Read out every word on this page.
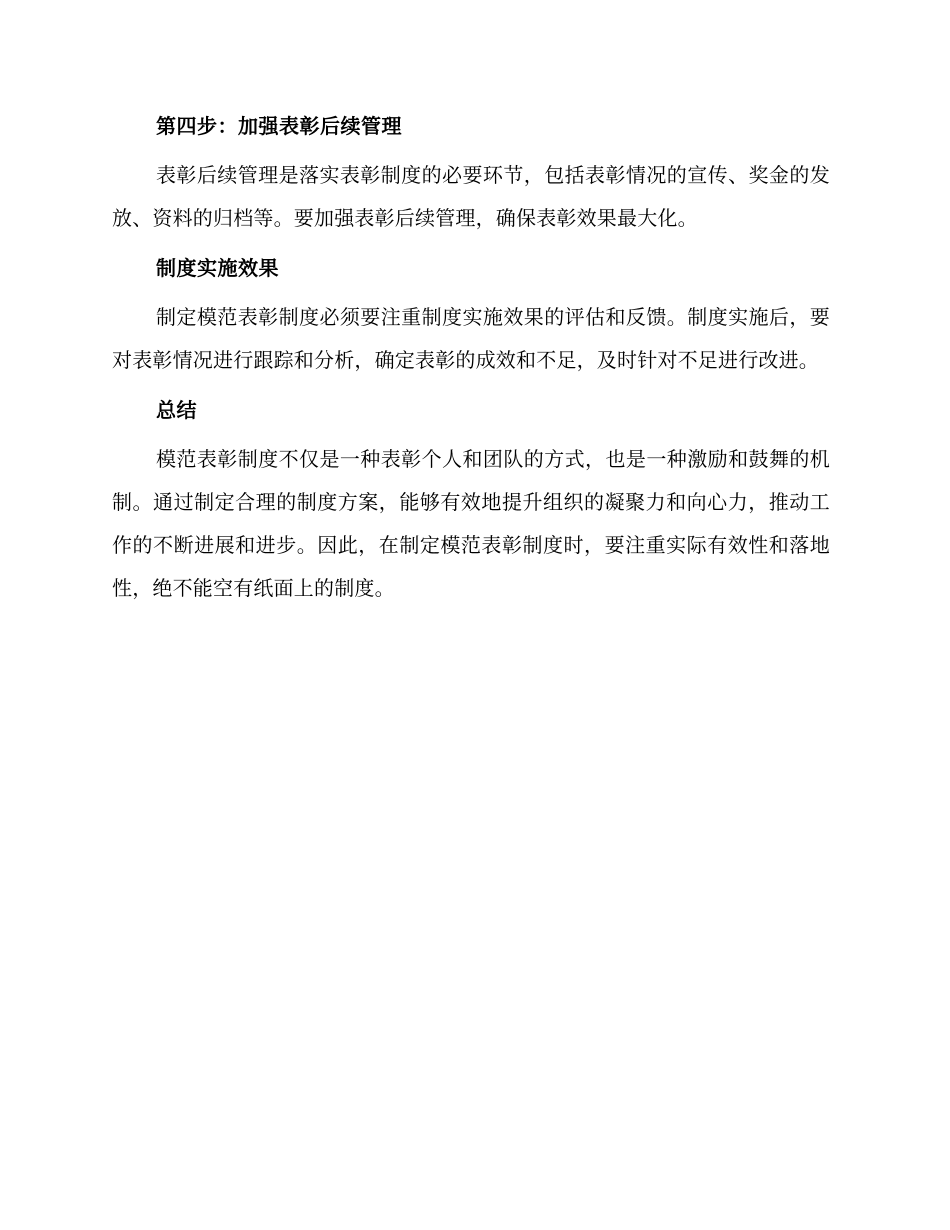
第四步：加强表彰后续管理

表彰后续管理是落实表彰制度的必要环节，包括表彰情况的宣传、奖金的发放、资料的归档等。要加强表彰后续管理，确保表彰效果最大化。

制度实施效果

制定模范表彰制度必须要注重制度实施效果的评估和反馈。制度实施后，要对表彰情况进行跟踪和分析，确定表彰的成效和不足，及时针对不足进行改进。

总结

模范表彰制度不仅是一种表彰个人和团队的方式，也是一种激励和鼓舞的机制。通过制定合理的制度方案，能够有效地提升组织的凝聚力和向心力，推动工作的不断进展和进步。因此，在制定模范表彰制度时，要注重实际有效性和落地性，绝不能空有纸面上的制度。
